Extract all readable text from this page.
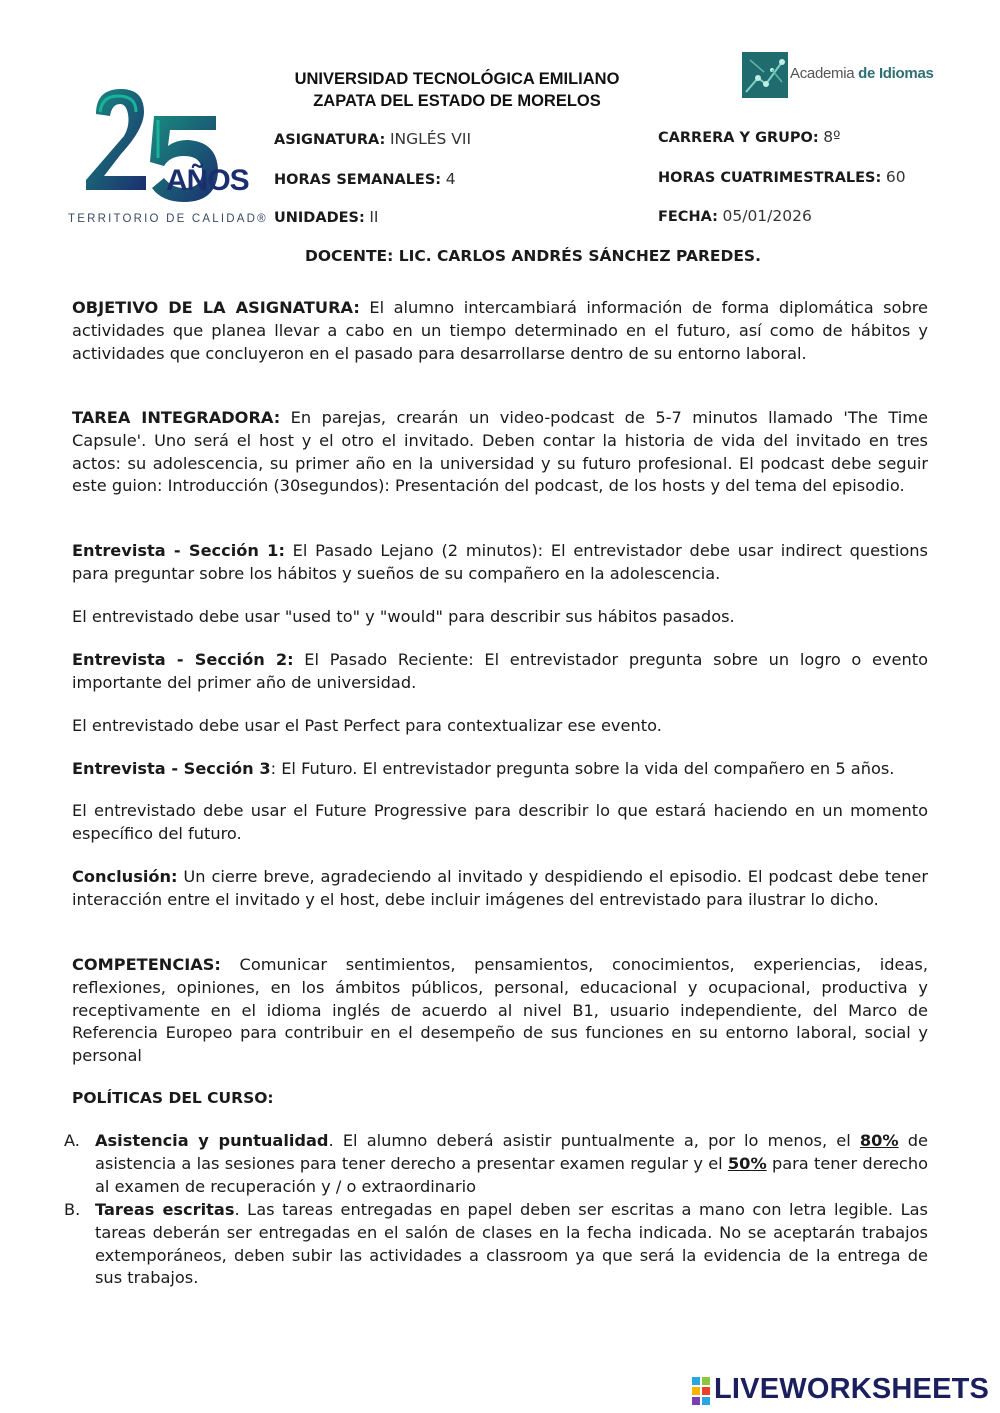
AÑOS
TERRITORIO DE CALIDAD®
UNIVERSIDAD TECNOLÓGICA EMILIANO
ZAPATA DEL ESTADO DE MORELOS
Academia de Idiomas
ASIGNATURA: INGLÉS VII
HORAS SEMANALES: 4
UNIDADES: II
CARRERA Y GRUPO: 8º
HORAS CUATRIMESTRALES: 60
FECHA: 05/01/2026
DOCENTE: LIC. CARLOS ANDRÉS SÁNCHEZ PAREDES.
OBJETIVO DE LA ASIGNATURA: El alumno intercambiará información de forma diplomática sobre actividades que planea llevar a cabo en un tiempo determinado en el futuro, así como de hábitos y actividades que concluyeron en el pasado para desarrollarse dentro de su entorno laboral.
TAREA INTEGRADORA: En parejas, crearán un video-podcast de 5-7 minutos llamado 'The Time Capsule'. Uno será el host y el otro el invitado. Deben contar la historia de vida del invitado en tres actos: su adolescencia, su primer año en la universidad y su futuro profesional. El podcast debe seguir este guion: Introducción (30segundos): Presentación del podcast, de los hosts y del tema del episodio.
Entrevista - Sección 1: El Pasado Lejano (2 minutos): El entrevistador debe usar indirect questions para preguntar sobre los hábitos y sueños de su compañero en la adolescencia.
El entrevistado debe usar "used to" y "would" para describir sus hábitos pasados.
Entrevista - Sección 2: El Pasado Reciente: El entrevistador pregunta sobre un logro o evento importante del primer año de universidad.
El entrevistado debe usar el Past Perfect para contextualizar ese evento.
Entrevista - Sección 3: El Futuro. El entrevistador pregunta sobre la vida del compañero en 5 años.
El entrevistado debe usar el Future Progressive para describir lo que estará haciendo en un momento específico del futuro.
Conclusión: Un cierre breve, agradeciendo al invitado y despidiendo el episodio. El podcast debe tener interacción entre el invitado y el host, debe incluir imágenes del entrevistado para ilustrar lo dicho.
COMPETENCIAS: Comunicar sentimientos, pensamientos, conocimientos, experiencias, ideas, reflexiones, opiniones, en los ámbitos públicos, personal, educacional y ocupacional, productiva y receptivamente en el idioma inglés de acuerdo al nivel B1, usuario independiente, del Marco de Referencia Europeo para contribuir en el desempeño de sus funciones en su entorno laboral, social y personal
POLÍTICAS DEL CURSO:
A. Asistencia y puntualidad. El alumno deberá asistir puntualmente a, por lo menos, el 80% de asistencia a las sesiones para tener derecho a presentar examen regular y el 50% para tener derecho al examen de recuperación y / o extraordinario
B. Tareas escritas. Las tareas entregadas en papel deben ser escritas a mano con letra legible. Las tareas deberán ser entregadas en el salón de clases en la fecha indicada. No se aceptarán trabajos extemporáneos, deben subir las actividades a classroom ya que será la evidencia de la entrega de sus trabajos.
LIVEWORKSHEETS
